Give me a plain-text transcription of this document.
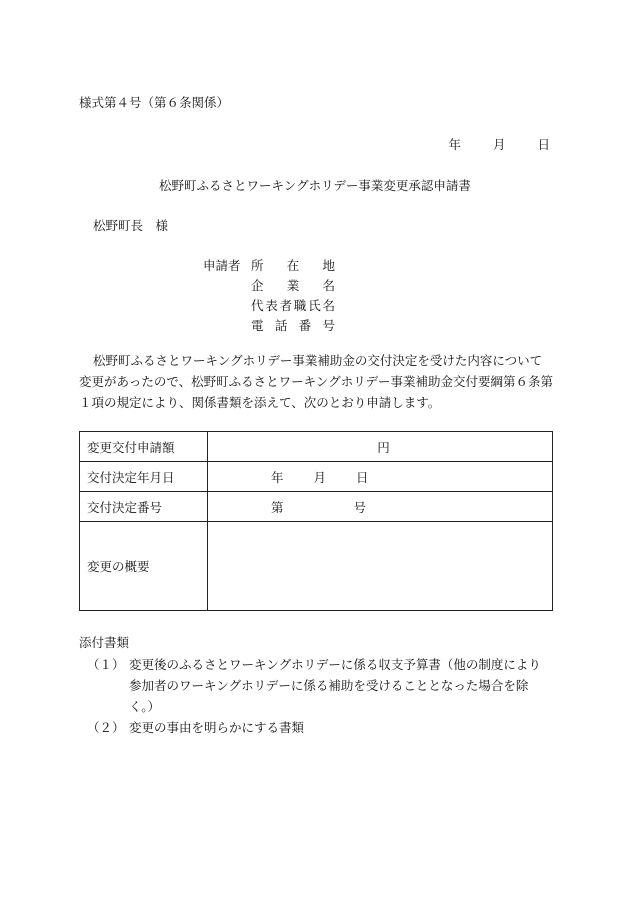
様式第４号（第６条関係）
年	月	日
松野町ふるさとワーキングホリデー事業変更承認申請書
松野町長　様
申請者 所在地
企業名
代表者職氏名
電話番号
松野町ふるさとワーキングホリデー事業補助金の交付決定を受けた内容について変更があったので、松野町ふるさとワーキングホリデー事業補助金交付要綱第６条第１項の規定により、関係書類を添えて、次のとおり申請します。
変更交付申請額	円
交付決定年月日	年 月 日
交付決定番号	第 号
変更の概要	
添付書類
（１） 変更後のふるさとワーキングホリデーに係る収支予算書（他の制度により参加者のワーキングホリデーに係る補助を受けることとなった場合を除く。）
（２） 変更の事由を明らかにする書類
